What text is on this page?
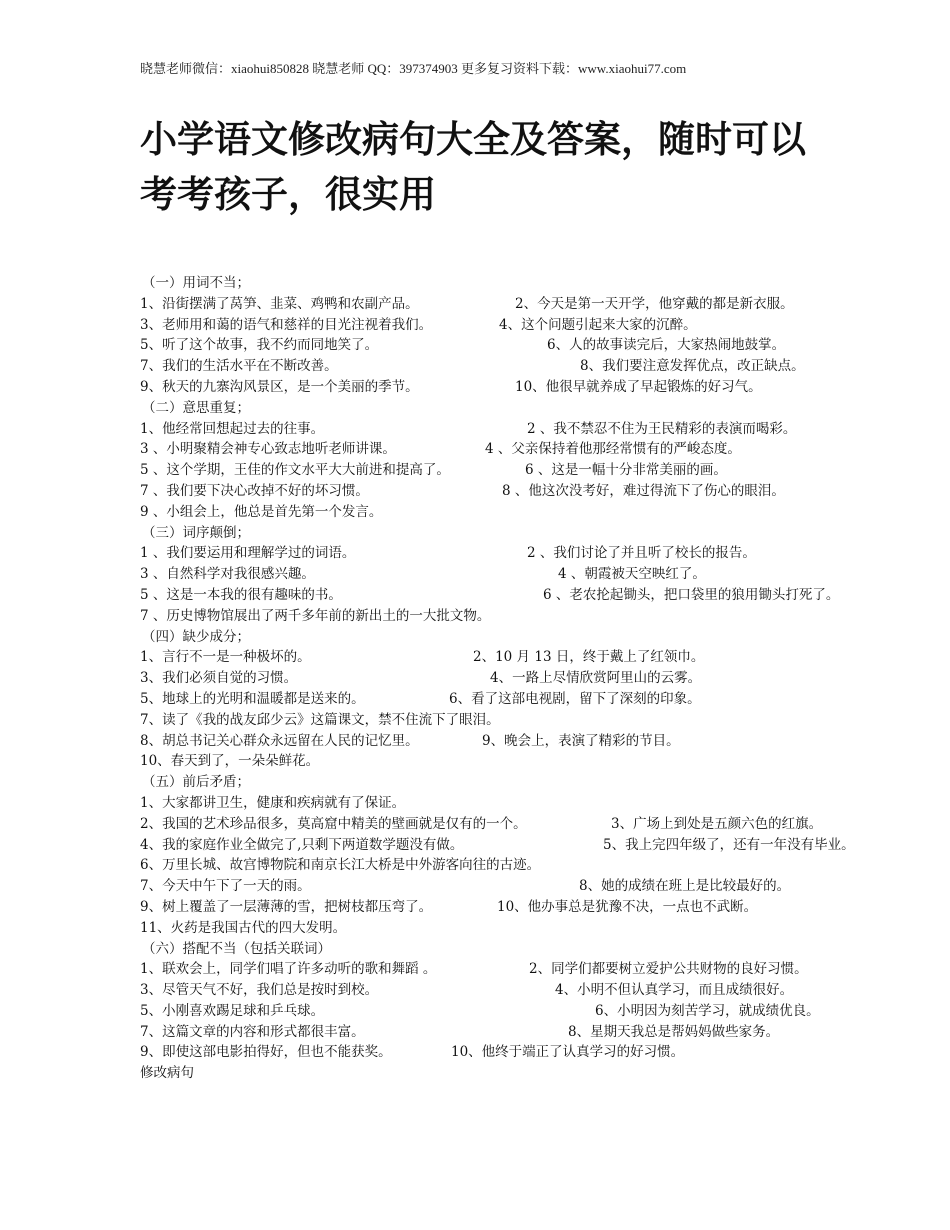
晓慧老师微信：xiaohui850828 晓慧老师 QQ：397374903 更多复习资料下载：www.xiaohui77.com
小学语文修改病句大全及答案，随时可以考考孩子，很实用
（一）用词不当；
1、沿街摆满了莴笋、韭菜、鸡鸭和农副产品。	2、今天是第一天开学，他穿戴的都是新衣服。
3、老师用和蔼的语气和慈祥的目光注视着我们。	4、这个问题引起来大家的沉醉。
5、听了这个故事，我不约而同地笑了。	6、人的故事读完后，大家热闹地鼓掌。
7、我们的生活水平在不断改善。	8、我们要注意发挥优点，改正缺点。
9、秋天的九寨沟风景区，是一个美丽的季节。	10、他很早就养成了早起锻炼的好习气。
（二）意思重复；
1、他经常回想起过去的往事。	2 、我不禁忍不住为王民精彩的表演而喝彩。
3 、小明聚精会神专心致志地听老师讲课。	4 、父亲保持着他那经常惯有的严峻态度。
5 、这个学期，王佳的作文水平大大前进和提高了。	6 、这是一幅十分非常美丽的画。
7 、我们要下决心改掉不好的坏习惯。	8 、他这次没考好，难过得流下了伤心的眼泪。
9 、小组会上，他总是首先第一个发言。
（三）词序颠倒；
1 、我们要运用和理解学过的词语。	2 、我们讨论了并且听了校长的报告。
3 、自然科学对我很感兴趣。	4 、朝霞被天空映红了。
5 、这是一本我的很有趣味的书。	6 、老农抡起锄头，把口袋里的狼用锄头打死了。
7 、历史博物馆展出了两千多年前的新出土的一大批文物。
（四）缺少成分；
1、言行不一是一种极坏的。	2、10 月 13 日，终于戴上了红领巾。
3、我们必须自觉的习惯。	4、一路上尽情欣赏阿里山的云雾。
5、地球上的光明和温暖都是送来的。	6、看了这部电视剧，留下了深刻的印象。
7、读了《我的战友邱少云》这篇课文，禁不住流下了眼泪。
8、胡总书记关心群众永远留在人民的记忆里。	9、晚会上，表演了精彩的节目。
10、春天到了，一朵朵鲜花。
（五）前后矛盾；
1、大家都讲卫生，健康和疾病就有了保证。
2、我国的艺术珍品很多，莫高窟中精美的壁画就是仅有的一个。	3、广场上到处是五颜六色的红旗。
4、我的家庭作业全做完了,只剩下两道数学题没有做。	5、我上完四年级了，还有一年没有毕业。
6、万里长城、故宫博物院和南京长江大桥是中外游客向往的古迹。
7、今天中午下了一天的雨。	8、她的成绩在班上是比较最好的。
9、树上覆盖了一层薄薄的雪，把树枝都压弯了。	10、他办事总是犹豫不决，一点也不武断。
11、火药是我国古代的四大发明。
（六）搭配不当（包括关联词）
1、联欢会上，同学们唱了许多动听的歌和舞蹈 。	2、同学们都要树立爱护公共财物的良好习惯。
3、尽管天气不好，我们总是按时到校。	4、小明不但认真学习，而且成绩很好。
5、小刚喜欢踢足球和乒乓球。	6、小明因为刻苦学习，就成绩优良。
7、这篇文章的内容和形式都很丰富。	8、星期天我总是帮妈妈做些家务。
9、即使这部电影拍得好，但也不能获奖。	10、他终于端正了认真学习的好习惯。
修改病句
